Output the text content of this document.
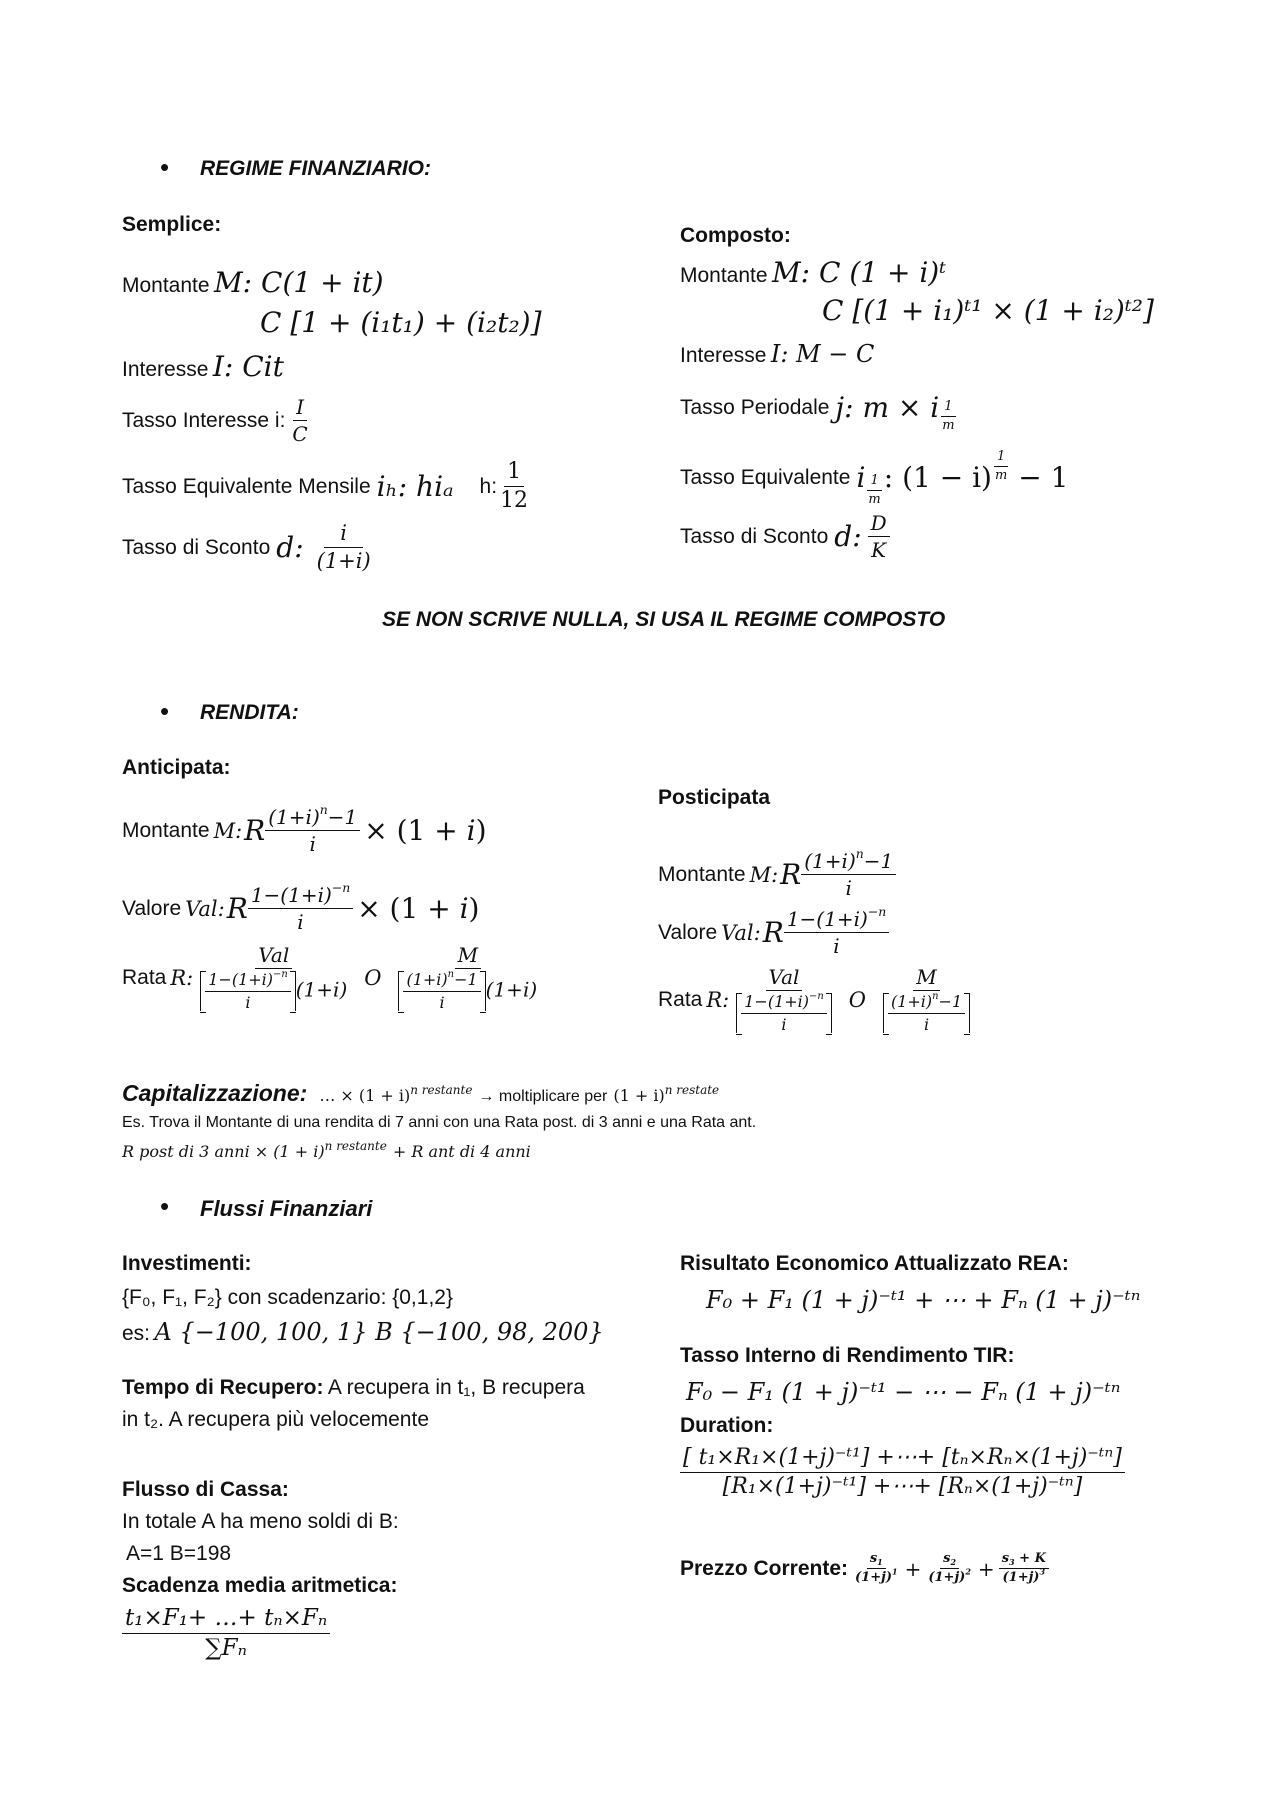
• REGIME FINANZIARIO:
Semplice:
Montante M: C(1 + it)
C [1 + (i₁t₁) + (i₂t₂)]
Interesse I: Cit
Tasso Interesse i: $\frac{I}{C}$
Tasso Equivalente Mensile iₕ: hiₐ h: $\frac{1}{12}$
Tasso di Sconto d: $\frac{i}{(1+i)}$
Composto:
Montante M: C (1 + i)ᵗ
C [(1 + i₁)ᵗ¹ × (1 + i₂)ᵗ²]
Interesse I: M − C
Tasso Periodale j: m × i $\frac{1}{m}$
Tasso Equivalente i $\frac{1}{m}$ : $(1 - i) \frac{1}{m} - 1$
Tasso di Sconto d: $\frac{D}{K}$
SE NON SCRIVE NULLA, SI USA IL REGIME COMPOSTO
• RENDITA:
Anticipata:
Montante M: R $\frac{(1+i)^n-1}{i} \times (1 + i)$
Valore Val: R $\frac{1-(1+i)^{-n}}{i} \times (1 + i)$
Rata R: $\frac{\text{Val}}{\frac{1-(1+i)^{-n}}{i} (1+i)}$ O $\frac{M}{\frac{(1+i)^n-1}{i} (1+i)}$
Posticipata
Montante M: R $\frac{(1+i)^n-1}{i}$
Valore Val: R $\frac{1-(1+i)^{-n}}{i}$
Rata R: $\frac{\text{Val}}{\frac{1-(1+i)^{-n}}{i}}$ O $\frac{M}{\frac{(1+i)^n-1}{i}}$
Capitalizzazione: … × (1 + i) n restante → moltiplicare per (1 + i) n restate
Es. Trova il Montante di una rendita di 7 anni con una Rata post. di 3 anni e una Rata ant.
R post di 3 anni × (1 + i) n restante + R ant di 4 anni
• Flussi Finanziari
Investimenti:
{F₀, F₁, F₂} con scadenzario: {0,1,2}
es: A {−100, 100, 1} B {−100, 98, 200}
Tempo di Recupero: A recupera in t₁, B recupera
in t₂. A recupera più velocemente
Flusso di Cassa:
In totale A ha meno soldi di B:
A=1 B=198
Scadenza media aritmetica:
$\frac{\text{t₁×F₁+ …+ tₙ×Fₙ}}{\text{∑Fₙ}}$
Risultato Economico Attualizzato REA:
F₀ + F₁ (1 + j)⁻ᵗ¹ + ⋯ + Fₙ (1 + j)⁻ᵗⁿ
Tasso Interno di Rendimento TIR:
F₀ − F₁ (1 + j)⁻ᵗ¹ − ⋯ − Fₙ (1 + j)⁻ᵗⁿ
Duration:
$\frac{\text{[ t₁×R₁×(1+j)⁻ᵗ¹] +⋯+ [tₙ×Rₙ×(1+j)⁻ᵗⁿ]}}{\text{[R₁×(1+j)⁻ᵗ¹] +⋯+ [Rₙ×(1+j)⁻ᵗⁿ]}}$
Prezzo Corrente: $\frac{s_1}{(1+j)^1} + \frac{s_2}{(1+j)^2} + \frac{s_3 + K}{(1+j)^3}$
